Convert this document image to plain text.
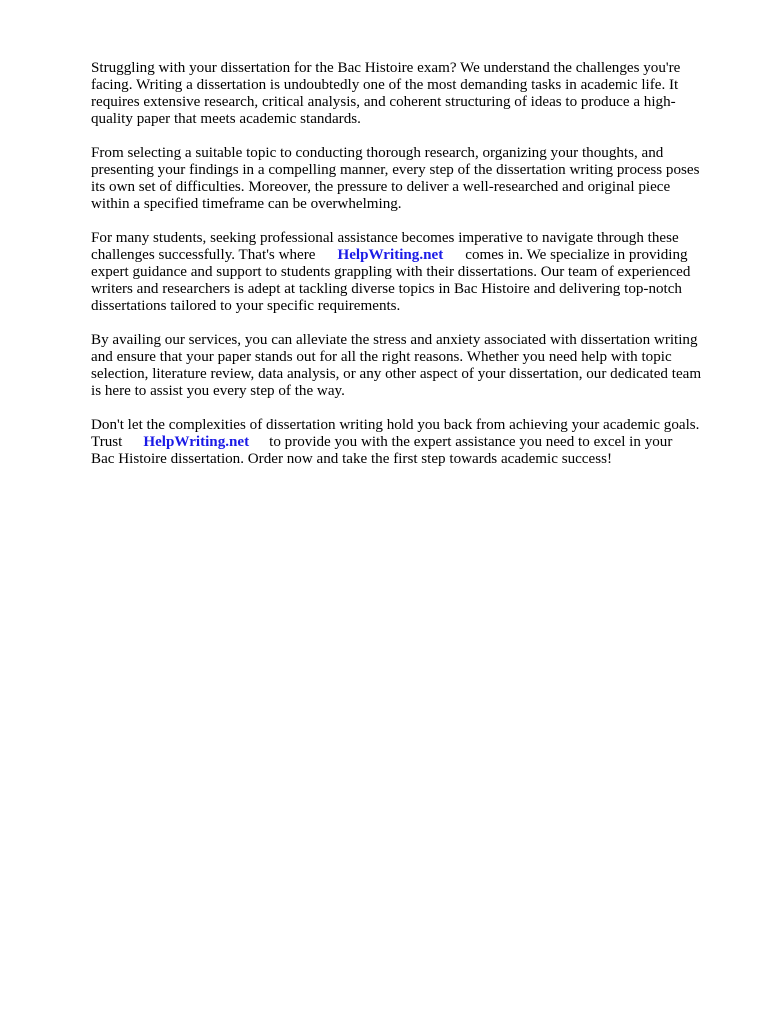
Struggling with your dissertation for the Bac Histoire exam? We understand the challenges you're
facing. Writing a dissertation is undoubtedly one of the most demanding tasks in academic life. It
requires extensive research, critical analysis, and coherent structuring of ideas to produce a high-
quality paper that meets academic standards.

From selecting a suitable topic to conducting thorough research, organizing your thoughts, and
presenting your findings in a compelling manner, every step of the dissertation writing process poses
its own set of difficulties. Moreover, the pressure to deliver a well-researched and original piece
within a specified timeframe can be overwhelming.

For many students, seeking professional assistance becomes imperative to navigate through these
challenges successfully. That's where HelpWriting.net comes in. We specialize in providing
expert guidance and support to students grappling with their dissertations. Our team of experienced
writers and researchers is adept at tackling diverse topics in Bac Histoire and delivering top-notch
dissertations tailored to your specific requirements.

By availing our services, you can alleviate the stress and anxiety associated with dissertation writing
and ensure that your paper stands out for all the right reasons. Whether you need help with topic
selection, literature review, data analysis, or any other aspect of your dissertation, our dedicated team
is here to assist you every step of the way.

Don't let the complexities of dissertation writing hold you back from achieving your academic goals.
Trust HelpWriting.net to provide you with the expert assistance you need to excel in your
Bac Histoire dissertation. Order now and take the first step towards academic success!
